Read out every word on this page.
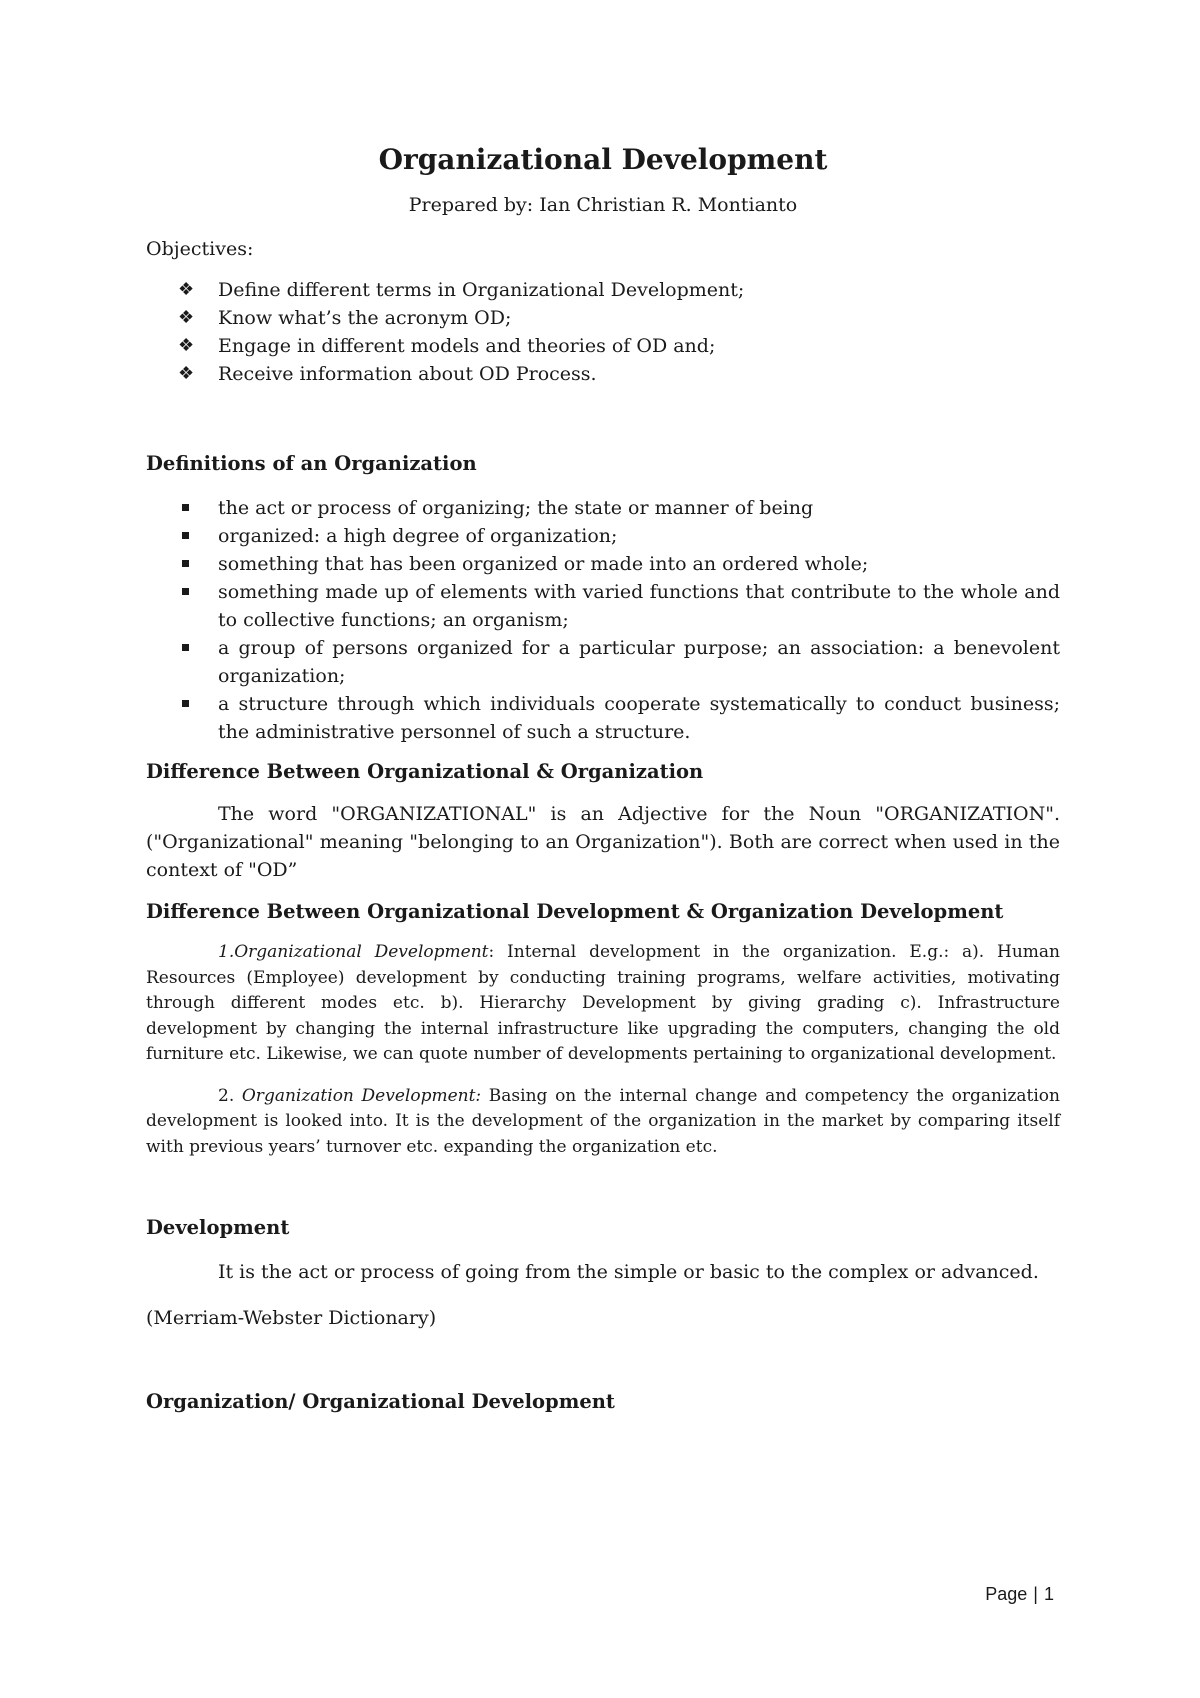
Organizational Development

Prepared by: Ian Christian R. Montianto

Objectives:

❖ Define different terms in Organizational Development;
❖ Know what’s the acronym OD;
❖ Engage in different models and theories of OD and;
❖ Receive information about OD Process.
Definitions of an Organization
the act or process of organizing; the state or manner of being
organized: a high degree of organization;
something that has been organized or made into an ordered whole;
something made up of elements with varied functions that contribute to the whole and to collective functions; an organism;
a group of persons organized for a particular purpose; an association: a benevolent organization;
a structure through which individuals cooperate systematically to conduct business; the administrative personnel of such a structure.
Difference Between Organizational & Organization

The word "ORGANIZATIONAL" is an Adjective for the Noun "ORGANIZATION". ("Organizational" meaning "belonging to an Organization"). Both are correct when used in the context of "OD”

Difference Between Organizational Development & Organization Development

1.Organizational Development: Internal development in the organization. E.g.: a). Human Resources (Employee) development by conducting training programs, welfare activities, motivating through different modes etc. b). Hierarchy Development by giving grading c). Infrastructure development by changing the internal infrastructure like upgrading the computers, changing the old furniture etc. Likewise, we can quote number of developments pertaining to organizational development.

2. Organization Development: Basing on the internal change and competency the organization development is looked into. It is the development of the organization in the market by comparing itself with previous years’ turnover etc. expanding the organization etc.

Development

It is the act or process of going from the simple or basic to the complex or advanced.

(Merriam-Webster Dictionary)

Organization/ Organizational Development
Page | 1
